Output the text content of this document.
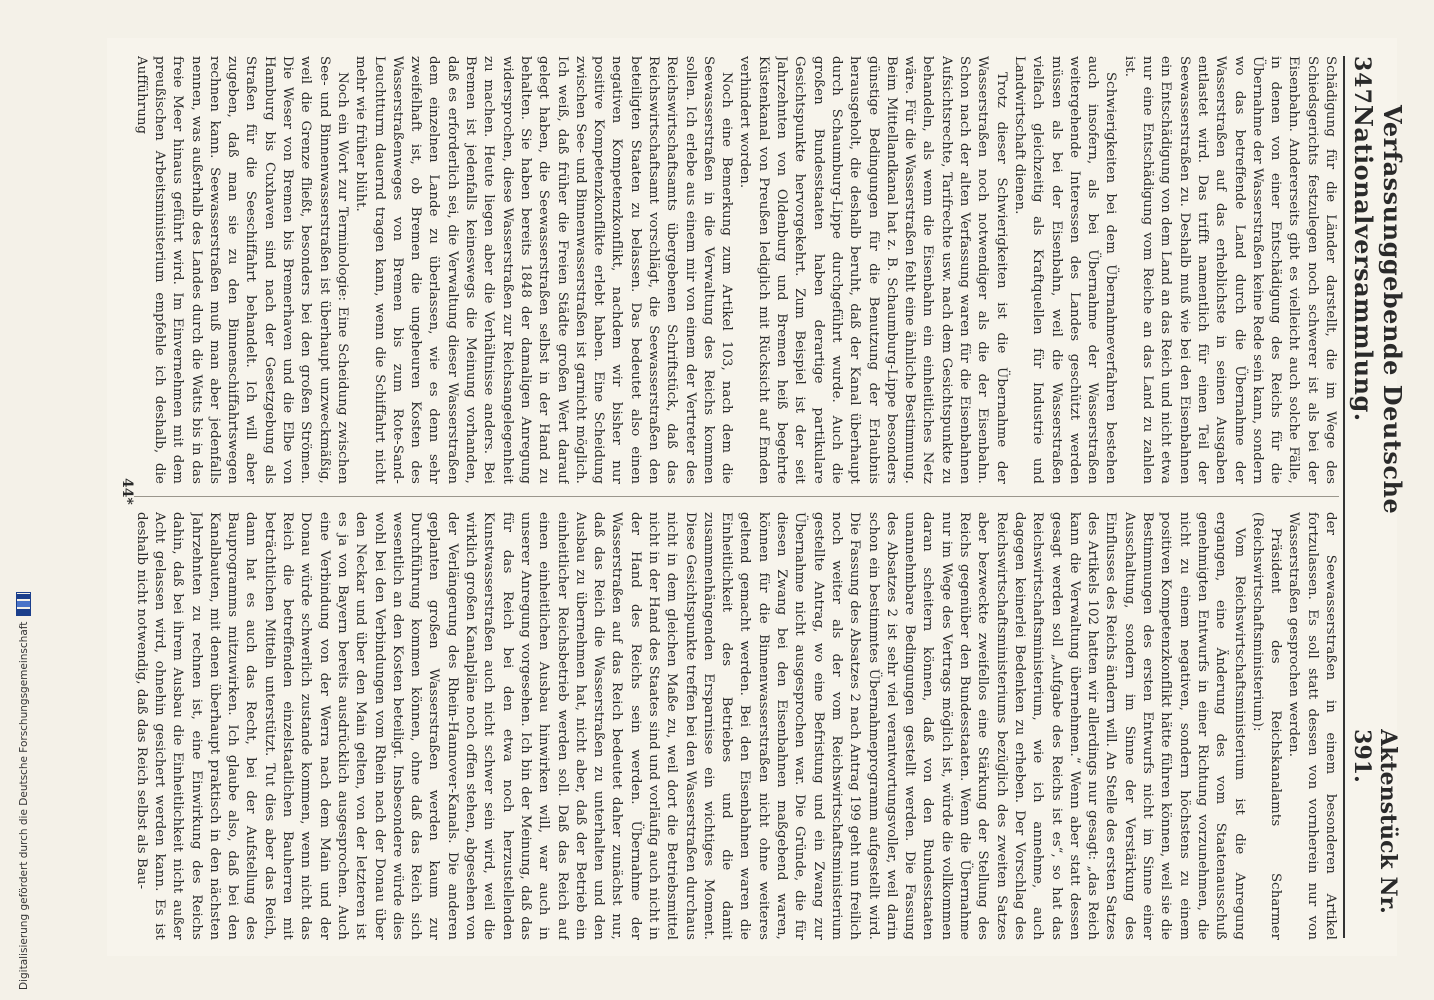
347
Verfassunggebende Deutsche Nationalversammlung.
Aktenstück Nr. 391.

Schädigung für die Länder darstellt, die im Wege des Schiedsgerichts festzulegen noch schwerer ist als bei der Eisenbahn. Andererseits gibt es vielleicht auch solche Fälle, in denen von einer Entschädigung des Reichs für die Übernahme der Wasserstraßen keine Rede sein kann, sondern wo das betreffende Land durch die Übernahme der Wasserstraßen auf das erheblichste in seinen Ausgaben entlastet wird. Das trifft namentlich für einen Teil der Seewasserstraßen zu. Deshalb muß wie bei den Eisenbahnen ein Entschädigung von dem Land an das Reich und nicht etwa nur eine Entschädigung vom Reiche an das Land zu zahlen ist.

Schwierigkeiten bei dem Übernahmeverfahren bestehen auch insofern, als bei Übernahme der Wasserstraßen weitergehende Interessen des Landes geschützt werden müssen als bei der Eisenbahn, weil die Wasserstraßen vielfach gleichzeitig als Kraftquellen für Industrie und Landwirtschaft dienen.

Trotz dieser Schwierigkeiten ist die Übernahme der Wasserstraßen noch notwendiger als die der Eisenbahn. Schon nach der alten Verfassung waren für die Eisenbahnen Aufsichtsrechte, Tarifrechte usw. nach dem Gesichtspunkte zu behandeln, als wenn die Eisenbahn ein einheitliches Netz wäre. Für die Wasserstraßen fehlt eine ähnliche Bestimmung. Beim Mittellandkanal hat z. B. Schaumburg-Lippe besonders günstige Bedingungen für die Benutzung der Erlaubnis herausgeholt, die deshalb beruht, daß der Kanal überhaupt durch Schaumburg-Lippe durchgeführt wurde. Auch die großen Bundesstaaten haben derartige partikulare Gesichtspunkte hervorgekehrt. Zum Beispiel ist der seit Jahrzehnten von Oldenburg und Bremen heiß begehrte Küstenkanal von Preußen lediglich mit Rücksicht auf Emden verhindert worden.

Noch eine Bemerkung zum Artikel 103, nach dem die Seewasserstraßen in die Verwaltung des Reichs kommen sollen. Ich erlebe aus einem mir von einem der Vertreter des Reichswirtschaftsamts übergebenen Schriftstück, daß das Reichswirtschaftsamt vorschlägt, die Seewasserstraßen den beteiligten Staaten zu belassen. Das bedeutet also einen negativen Kompetenzkonflikt, nachdem wir bisher nur positive Kompetenzkonflikte erlebt haben. Eine Scheidung zwischen See- und Binnenwasserstraßen ist garnicht möglich. Ich weiß, daß früher die Freien Städte großen Wert darauf gelegt haben, die Seewasserstraßen selbst in der Hand zu behalten. Sie haben bereits 1848 der damaligen Anregung widersprochen, diese Wasserstraßen zur Reichsangelegenheit zu machen. Heute liegen aber die Verhältnisse anders. Bei Bremen ist jedenfalls keineswegs die Meinung vorhanden, daß es erforderlich sei, die Verwaltung dieser Wasserstraßen dem einzelnen Lande zu überlassen, wie es denn sehr zweifelhaft ist, ob Bremen die ungeheuren Kosten des Wasserstraßenweges von Bremen bis zum Rote-Sand-Leuchtturm dauernd tragen kann, wenn die Schiffahrt nicht mehr wie früher blüht.

Noch ein Wort zur Terminologie: Eine Scheidung zwischen See- und Binnenwasserstraßen ist überhaupt unzweckmäßig, weil die Grenze fließt, besonders bei den großen Strömen. Die Weser von Bremen bis Bremerhaven und die Elbe von Hamburg bis Cuxhaven sind nach der Gesetzgebung als Straßen für die Seeschiffahrt behandelt. Ich will aber zugeben, daß man sie zu den Binnenschiffahrtswegen rechnen kann. Seewasserstraßen muß man aber jedenfalls nennen, was außerhalb des Landes durch die Watts bis in das freie Meer hinaus geführt wird. Im Einvernehmen mit dem preußischen Arbeitsministerium empfehle ich deshalb, die Aufführung

der Seewasserstraßen in einem besonderen Artikel fortzulassen. Es soll statt dessen von vornherein nur von Wasserstraßen gesprochen werden.

Präsident des Reichskanalamts Scharmer (Reichswirtschaftsministerium):

Vom Reichswirtschaftsministerium ist die Anregung ergangen, eine Änderung des vom Staatenausschuß genehmigten Entwurfs in einer Richtung vorzunehmen, die nicht zu einem negativen, sondern höchstens zu einem positiven Kompetenzkonflikt hätte führen können, weil sie die Bestimmungen des ersten Entwurfs nicht im Sinne einer Ausschaltung, sondern im Sinne der Verstärkung des Einflusses des Reichs ändern will. An Stelle des ersten Satzes des Artikels 102 hatten wir allerdings nur gesagt: „das Reich kann die Verwaltung übernehmen.“ Wenn aber statt dessen gesagt werden soll „Aufgabe des Reichs ist es“, so hat das Reichswirtschaftsministerium, wie ich annehme, auch dagegen keinerlei Bedenken zu erheben. Der Vorschlag des Reichswirtschaftsministeriums bezüglich des zweiten Satzes aber bezweckte zweifellos eine Stärkung der Stellung des Reichs gegenüber den Bundesstaaten. Wenn die Übernahme nur im Wege des Vertrags möglich ist, würde die vollkommen daran scheitern können, daß von den Bundesstaaten unannehmbare Bedingungen gestellt werden. Die Fassung des Absatzes 2 ist sehr viel verantwortungsvoller, weil darin schon ein bestimmtes Übernahmeprogramm aufgestellt wird. Die Fassung des Absatzes 2 nach Antrag 199 geht nun freilich noch weiter als der vom Reichswirtschaftsministerium gestellte Antrag, wo eine Befristung und ein Zwang zur Übernahme nicht ausgesprochen war. Die Gründe, die für diesen Zwang bei den Eisenbahnen maßgebend waren, können für die Binnenwasserstraßen nicht ohne weiteres geltend gemacht werden. Bei den Eisenbahnen waren die Einheitlichkeit des Betriebes und die damit zusammenhängenden Ersparnisse ein wichtiges Moment. Diese Gesichtspunkte treffen bei den Wasserstraßen durchaus nicht in dem gleichen Maße zu, weil dort die Betriebsmittel nicht in der Hand des Staates sind und vorläufig auch nicht in der Hand des Reichs sein werden. Übernahme der Wasserstraßen auf das Reich bedeutet daher zunächst nur, daß das Reich die Wasserstraßen zu unterhalten und den Ausbau zu übernehmen hat, nicht aber, daß der Betrieb ein einheitlicher Reichsbetrieb werden soll. Daß das Reich auf einen einheitlichen Ausbau hinwirken will, war auch in unserer Anregung vorgesehen. Ich bin der Meinung, daß das für das Reich bei den etwa noch herzustellenden Kunstwasserstraßen auch nicht schwer sein wird, weil die wirklich großen Kanalpläne noch offen stehen, abgesehen von der Verlängerung des Rhein-Hannover-Kanals. Die anderen geplanten großen Wasserstraßen werden kaum zur Durchführung kommen können, ohne daß das Reich sich wesentlich an den Kosten beteiligt. Insbesondere würde dies wohl bei den Verbindungen vom Rhein nach der Donau über den Neckar und über den Main gelten, von der letzteren ist es ja von Bayern bereits ausdrücklich ausgesprochen. Auch eine Verbindung von der Werra nach dem Main und der Donau würde schwerlich zustande kommen, wenn nicht das Reich die betreffenden einzelstaatlichen Bauherren mit beträchtlichen Mitteln unterstützt. Tut dies aber das Reich, dann hat es auch das Recht, bei der Aufstellung des Bauprogramms mitzuwirken. Ich glaube also, daß bei den Kanalbauten, mit denen überhaupt praktisch in den nächsten Jahrzehnten zu rechnen ist, eine Einwirkung des Reichs dahin, daß bei ihrem Ausbau die Einheitlichkeit nicht außer Acht gelassen wird, ohnehin gesichert werden kann. Es ist deshalb nicht notwendig, daß das Reich selbst als Bau-

44*
Digitalisierung gefördert durch die Deutsche Forschungsgemeinschaft
